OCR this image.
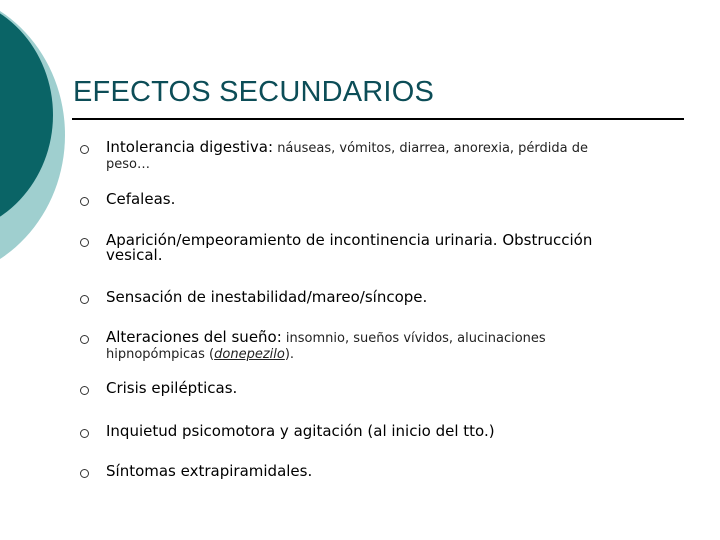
EFECTOS SECUNDARIOS
Intolerancia digestiva: náuseas, vómitos, diarrea, anorexia, pérdida de
peso…
Cefaleas.
Aparición/empeoramiento de incontinencia urinaria. Obstrucción
vesical.
Sensación de inestabilidad/mareo/síncope.
Alteraciones del sueño: insomnio, sueños vívidos, alucinaciones
hipnopómpicas (donepezilo).
Crisis epilépticas.
Inquietud psicomotora y agitación (al inicio del tto.)
Síntomas extrapiramidales.
